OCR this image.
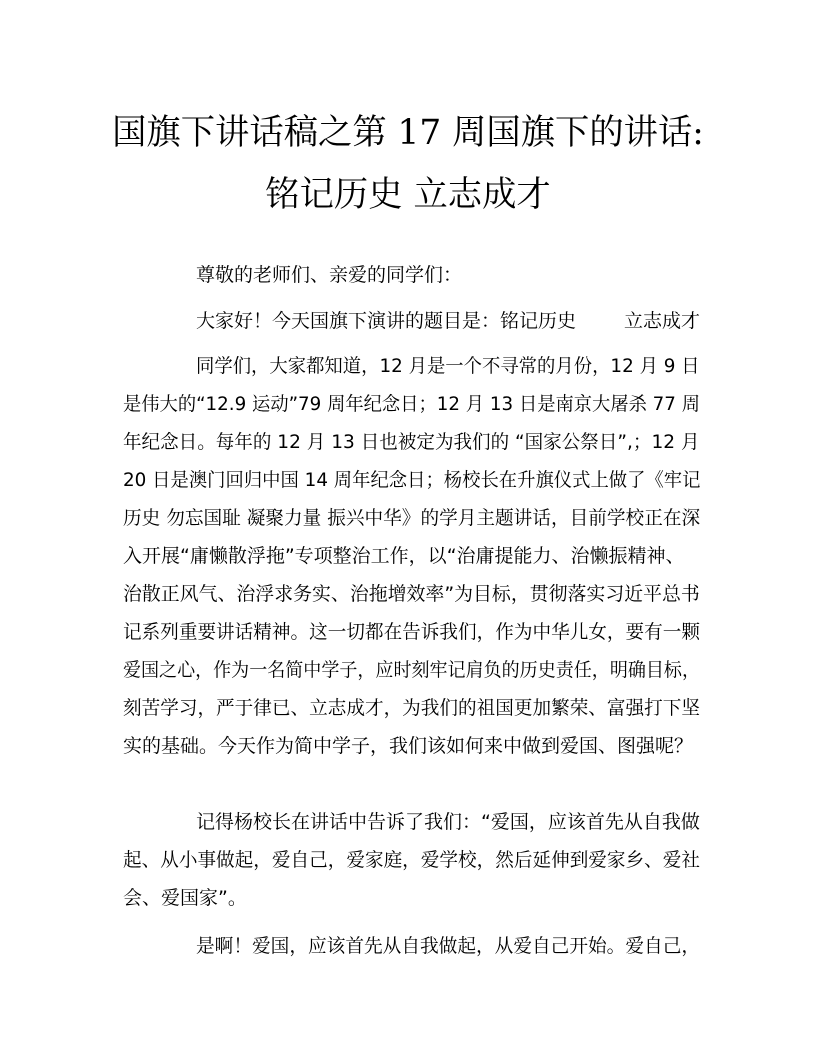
国旗下讲话稿之第 17 周国旗下的讲话:
铭记历史 立志成才
尊敬的老师们、亲爱的同学们：
大家好！今天国旗下演讲的题目是：铭记历史	立志成才
同学们，大家都知道，12 月是一个不寻常的月份，12 月 9 日
是伟大的“12.9 运动”79 周年纪念日；12 月 13 日是南京大屠杀 77 周
年纪念日。每年的 12 月 13 日也被定为我们的 “国家公祭日”,；12 月
20 日是澳门回归中国 14 周年纪念日；杨校长在升旗仪式上做了《牢记
历史 勿忘国耻 凝聚力量 振兴中华》的学月主题讲话，目前学校正在深
入开展“庸懒散浮拖”专项整治工作，以“治庸提能力、治懒振精神、
治散正风气、治浮求务实、治拖增效率”为目标，贯彻落实习近平总书
记系列重要讲话精神。这一切都在告诉我们，作为中华儿女，要有一颗
爱国之心，作为一名简中学子，应时刻牢记肩负的历史责任，明确目标，
刻苦学习，严于律已、立志成才，为我们的祖国更加繁荣、富强打下坚
实的基础。今天作为简中学子，我们该如何来中做到爱国、图强呢？
记得杨校长在讲话中告诉了我们：“爱国，应该首先从自我做
起、从小事做起，爱自己，爱家庭，爱学校，然后延伸到爱家乡、爱社
会、爱国家”。
是啊！爱国，应该首先从自我做起，从爱自己开始。爱自己，
